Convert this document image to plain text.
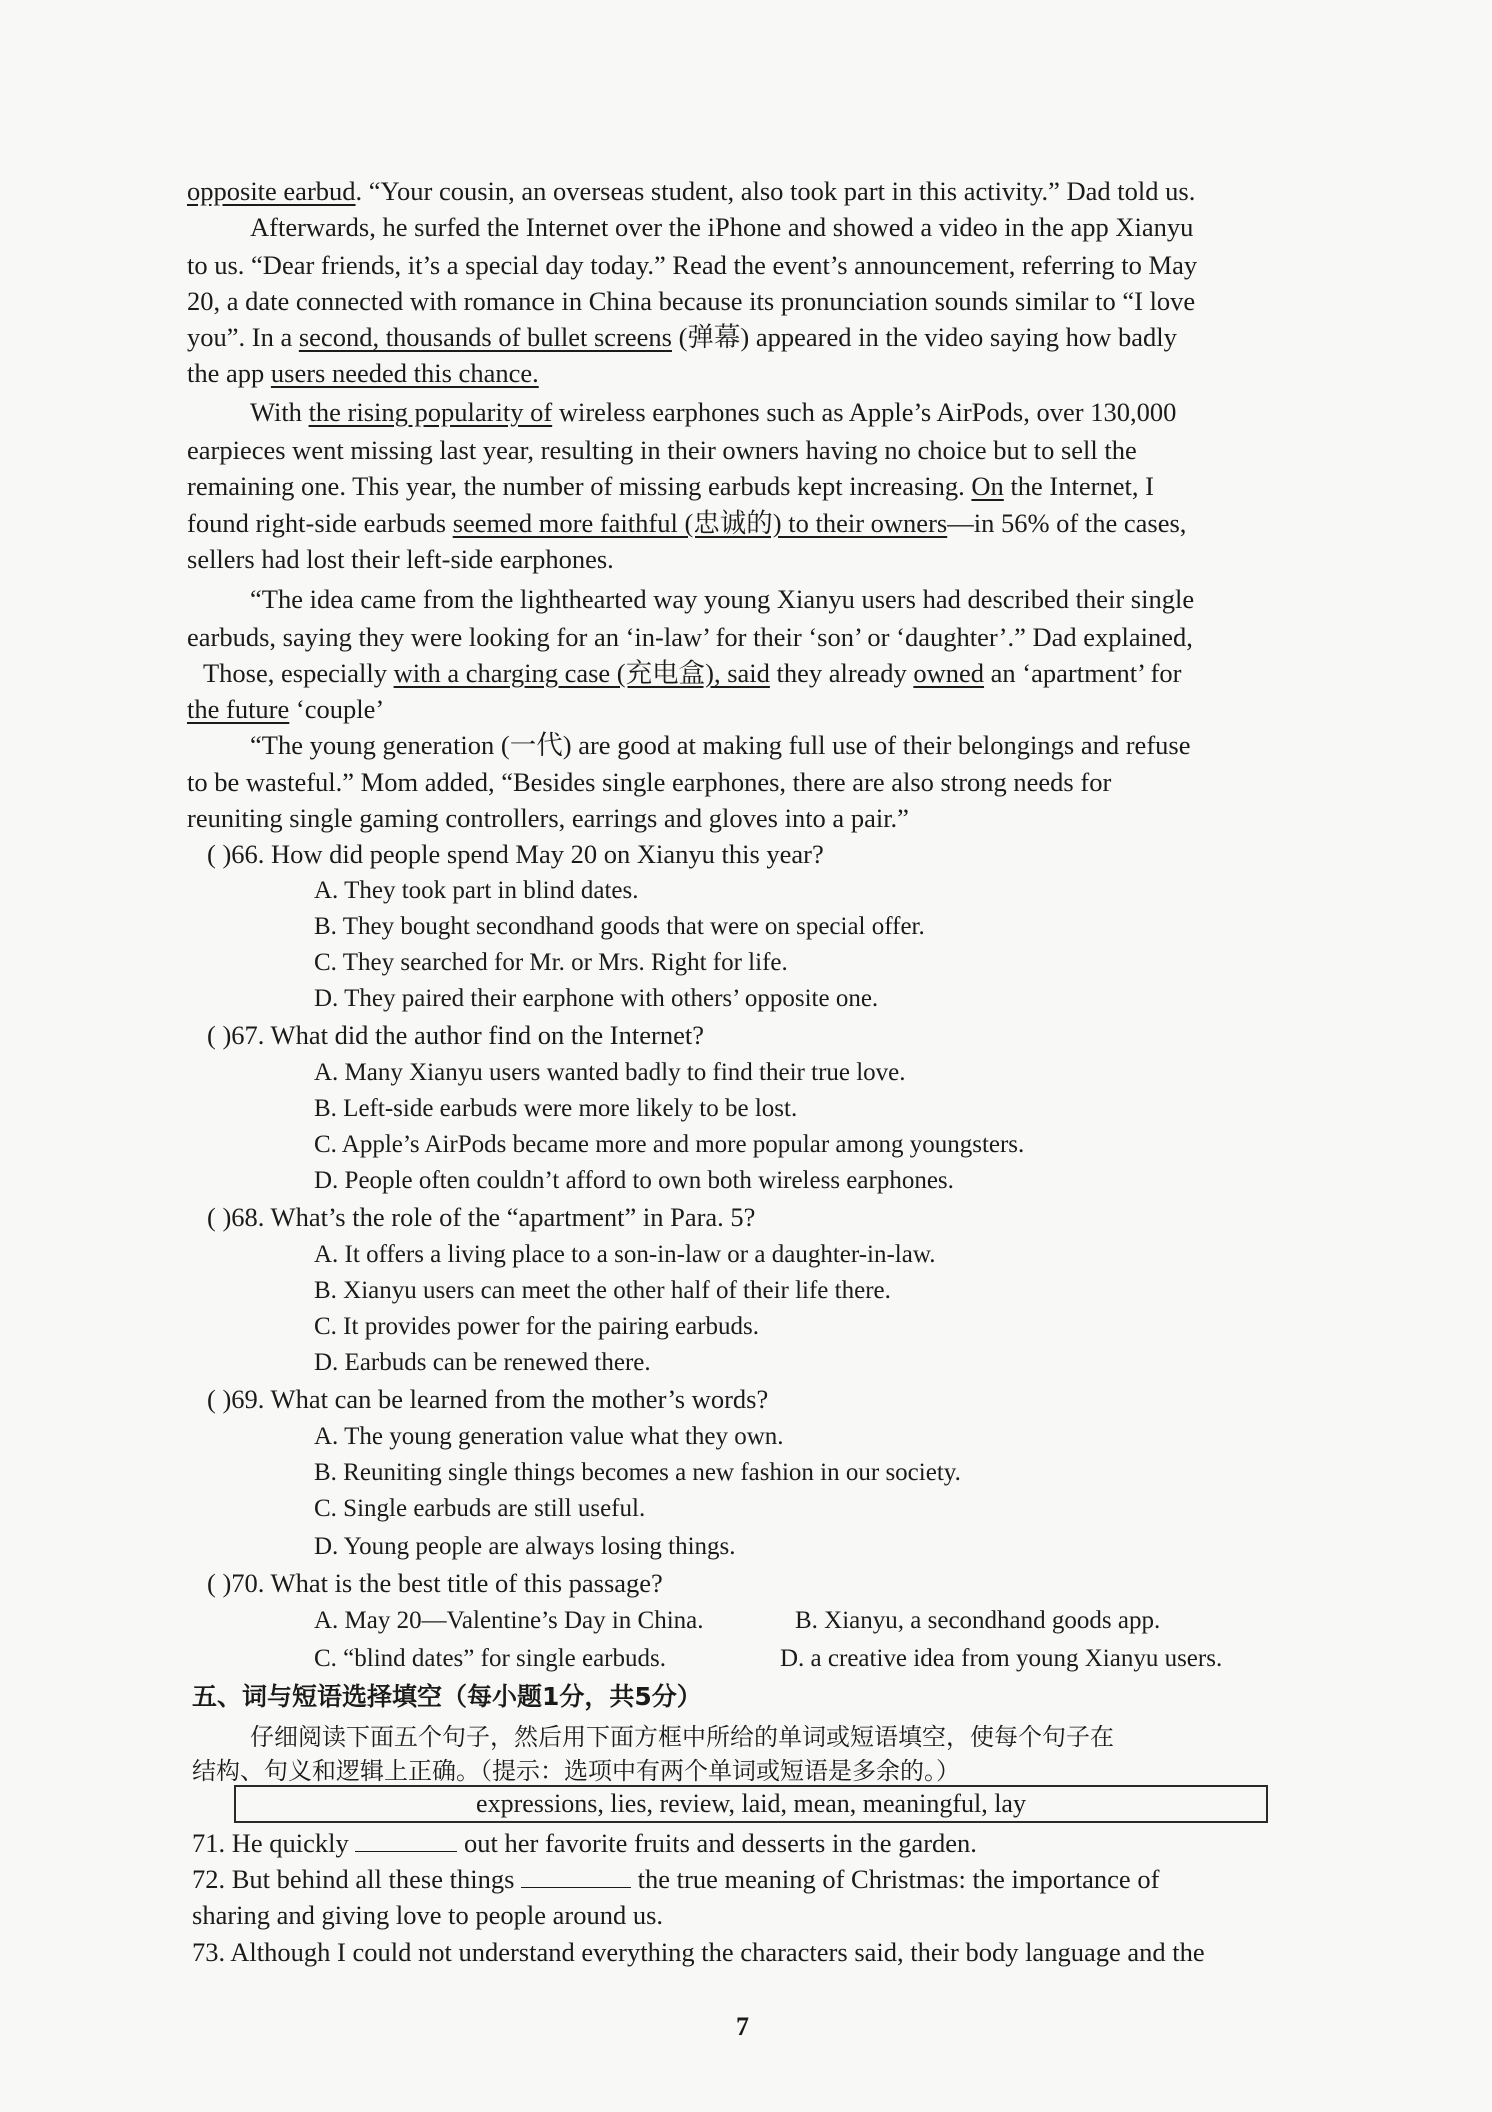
opposite earbud. “Your cousin, an overseas student, also took part in this activity.” Dad told us.
Afterwards, he surfed the Internet over the iPhone and showed a video in the app Xianyu
to us. “Dear friends, it’s a special day today.” Read the event’s announcement, referring to May
20, a date connected with romance in China because its pronunciation sounds similar to “I love
you”. In a second, thousands of bullet screens (弹幕) appeared in the video saying how badly
the app users needed this chance.
With the rising popularity of wireless earphones such as Apple’s AirPods, over 130,000
earpieces went missing last year, resulting in their owners having no choice but to sell the
remaining one. This year, the number of missing earbuds kept increasing. On the Internet, I
found right-side earbuds seemed more faithful (忠诚的) to their owners—in 56% of the cases,
sellers had lost their left-side earphones.
“The idea came from the lighthearted way young Xianyu users had described their single
earbuds, saying they were looking for an ‘in-law’ for their ‘son’ or ‘daughter’.” Dad explained,
Those, especially with a charging case (充电盒), said they already owned an ‘apartment’ for
the future ‘couple’
“The young generation (一代) are good at making full use of their belongings and refuse
to be wasteful.” Mom added, “Besides single earphones, there are also strong needs for
reuniting single gaming controllers, earrings and gloves into a pair.”
( )66. How did people spend May 20 on Xianyu this year?
A. They took part in blind dates.
B. They bought secondhand goods that were on special offer.
C. They searched for Mr. or Mrs. Right for life.
D. They paired their earphone with others’ opposite one.
( )67. What did the author find on the Internet?
A. Many Xianyu users wanted badly to find their true love.
B. Left-side earbuds were more likely to be lost.
C. Apple’s AirPods became more and more popular among youngsters.
D. People often couldn’t afford to own both wireless earphones.
( )68. What’s the role of the “apartment” in Para. 5?
A. It offers a living place to a son-in-law or a daughter-in-law.
B. Xianyu users can meet the other half of their life there.
C. It provides power for the pairing earbuds.
D. Earbuds can be renewed there.
( )69. What can be learned from the mother’s words?
A. The young generation value what they own.
B. Reuniting single things becomes a new fashion in our society.
C. Single earbuds are still useful.
D. Young people are always losing things.
( )70. What is the best title of this passage?
A. May 20—Valentine’s Day in China.	B. Xianyu, a secondhand goods app.
C. “blind dates” for single earbuds.	D. a creative idea from young Xianyu users.
五、词与短语选择填空（每小题1分，共5分）
仔细阅读下面五个句子，然后用下面方框中所给的单词或短语填空，使每个句子在
结构、句义和逻辑上正确。（提示：选项中有两个单词或短语是多余的。）
expressions, lies, review, laid, mean, meaningful, lay
71. He quickly	out her favorite fruits and desserts in the garden.
72. But behind all these things	the true meaning of Christmas: the importance of
sharing and giving love to people around us.
73. Although I could not understand everything the characters said, their body language and the
7
